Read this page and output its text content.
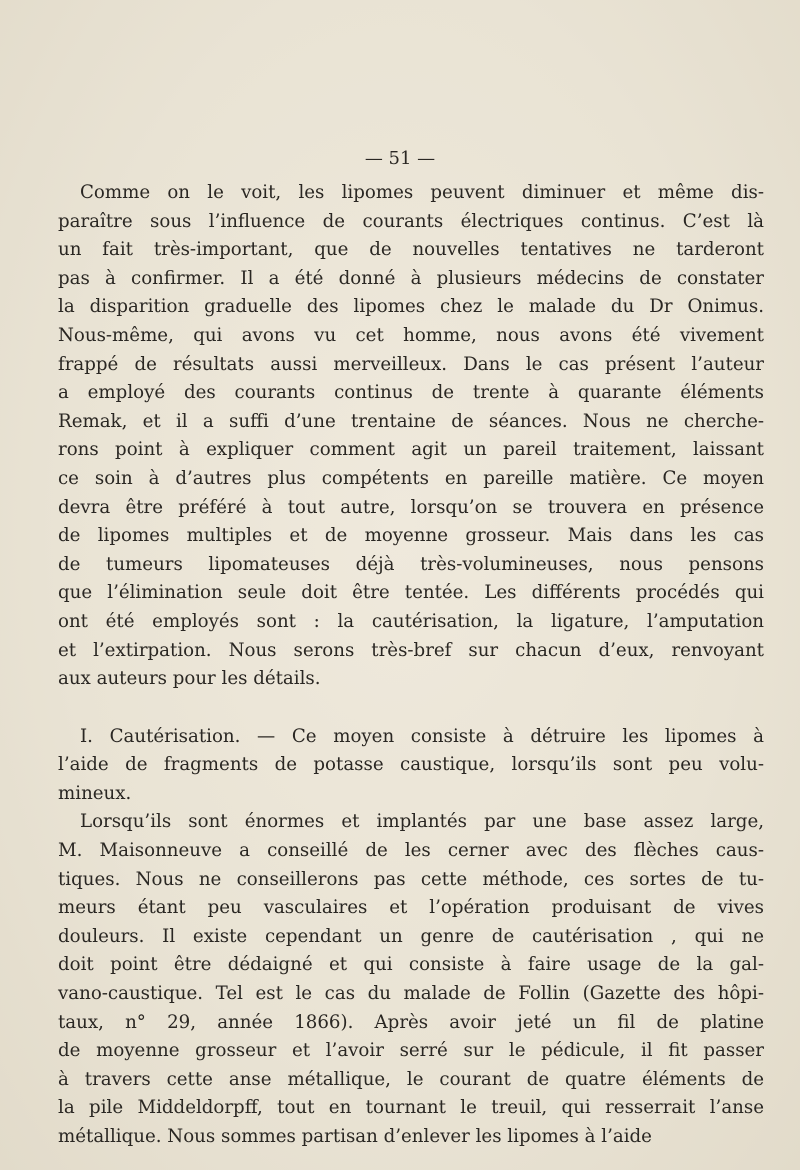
— 51 —
Comme on le voit, les lipomes peuvent diminuer et même dis-
paraître sous l’influence de courants électriques continus. C’est là
un fait très-important, que de nouvelles tentatives ne tarderont
pas à confirmer. Il a été donné à plusieurs médecins de constater
la disparition graduelle des lipomes chez le malade du Dr Onimus.
Nous-même, qui avons vu cet homme, nous avons été vivement
frappé de résultats aussi merveilleux. Dans le cas présent l’auteur
a employé des courants continus de trente à quarante éléments
Remak, et il a suffi d’une trentaine de séances. Nous ne cherche-
rons point à expliquer comment agit un pareil traitement, laissant
ce soin à d’autres plus compétents en pareille matière. Ce moyen
devra être préféré à tout autre, lorsqu’on se trouvera en présence
de lipomes multiples et de moyenne grosseur. Mais dans les cas
de tumeurs lipomateuses déjà très-volumineuses, nous pensons
que l’élimination seule doit être tentée. Les différents procédés qui
ont été employés sont : la cautérisation, la ligature, l’amputation
et l’extirpation. Nous serons très-bref sur chacun d’eux, renvoyant
aux auteurs pour les détails.
I. Cautérisation. — Ce moyen consiste à détruire les lipomes à
l’aide de fragments de potasse caustique, lorsqu’ils sont peu volu-
mineux.
Lorsqu’ils sont énormes et implantés par une base assez large,
M. Maisonneuve a conseillé de les cerner avec des flèches caus-
tiques. Nous ne conseillerons pas cette méthode, ces sortes de tu-
meurs étant peu vasculaires et l’opération produisant de vives
douleurs. Il existe cependant un genre de cautérisation , qui ne
doit point être dédaigné et qui consiste à faire usage de la gal-
vano-caustique. Tel est le cas du malade de Follin (Gazette des hôpi-
taux, n° 29, année 1866). Après avoir jeté un fil de platine
de moyenne grosseur et l’avoir serré sur le pédicule, il fit passer
à travers cette anse métallique, le courant de quatre éléments de
la pile Middeldorpff, tout en tournant le treuil, qui resserrait l’anse
métallique. Nous sommes partisan d’enlever les lipomes à l’aide
